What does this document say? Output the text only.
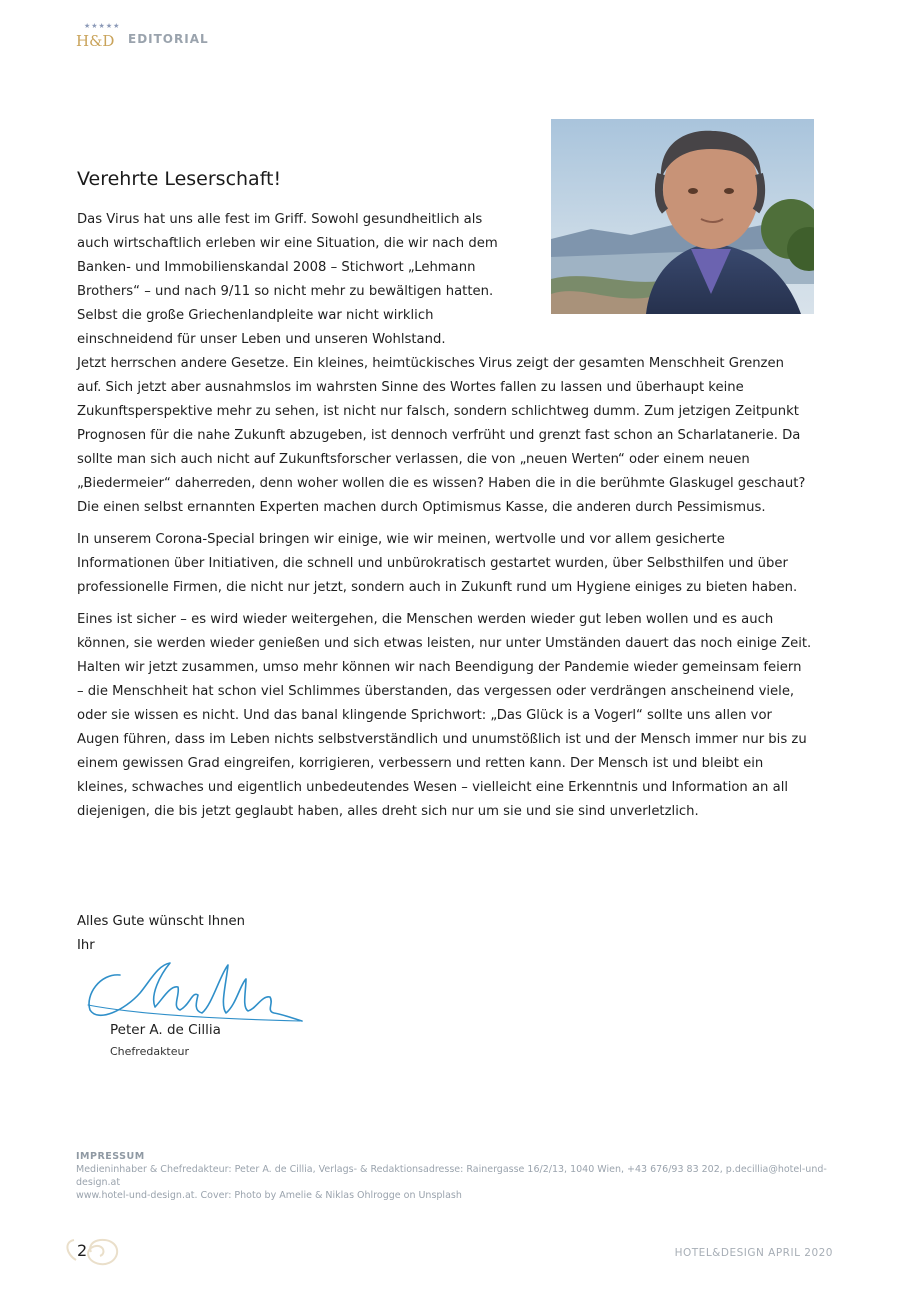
★★★★★
H&D EDITORIAL
Verehrte Leserschaft!

Das Virus hat uns alle fest im Griff. Sowohl gesundheitlich als auch wirtschaftlich erleben wir eine Situation, die wir nach dem Banken- und Immobilienskandal 2008 – Stichwort „Lehmann Brothers“ – und nach 9/11 so nicht mehr zu bewältigen hatten. Selbst die große Griechenlandpleite war nicht wirklich einschneidend für unser Leben und unseren Wohlstand.

Jetzt herrschen andere Gesetze. Ein kleines, heimtückisches Virus zeigt der gesamten Menschheit Grenzen auf. Sich jetzt aber ausnahmslos im wahrsten Sinne des Wortes fallen zu lassen und überhaupt keine Zukunftsperspektive mehr zu sehen, ist nicht nur falsch, sondern schlichtweg dumm. Zum jetzigen Zeitpunkt Prognosen für die nahe Zukunft abzugeben, ist dennoch verfrüht und grenzt fast schon an Scharlatanerie. Da sollte man sich auch nicht auf Zukunftsforscher verlassen, die von „neuen Werten“ oder einem neuen „Biedermeier“ daherreden, denn woher wollen die es wissen? Haben die in die berühmte Glaskugel geschaut? Die einen selbst ernannten Experten machen durch Optimismus Kasse, die anderen durch Pessimismus.

In unserem Corona-Special bringen wir einige, wie wir meinen, wertvolle und vor allem gesicherte Informationen über Initiativen, die schnell und unbürokratisch gestartet wurden, über Selbsthilfen und über professionelle Firmen, die nicht nur jetzt, sondern auch in Zukunft rund um Hygiene einiges zu bieten haben.

Eines ist sicher – es wird wieder weitergehen, die Menschen werden wieder gut leben wollen und es auch können, sie werden wieder genießen und sich etwas leisten, nur unter Umständen dauert das noch einige Zeit. Halten wir jetzt zusammen, umso mehr können wir nach Beendigung der Pandemie wieder gemeinsam feiern – die Menschheit hat schon viel Schlimmes überstanden, das vergessen oder verdrängen anscheinend viele, oder sie wissen es nicht. Und das banal klingende Sprichwort: „Das Glück is a Vogerl“ sollte uns allen vor Augen führen, dass im Leben nichts selbstverständlich und unumstößlich ist und der Mensch immer nur bis zu einem gewissen Grad eingreifen, korrigieren, verbessern und retten kann. Der Mensch ist und bleibt ein kleines, schwaches und eigentlich unbedeutendes Wesen – vielleicht eine Erkenntnis und Information an all diejenigen, die bis jetzt geglaubt haben, alles dreht sich nur um sie und sie sind unverletzlich.

Alles Gute wünscht Ihnen
Ihr
Peter A. de Cillia
Chefredakteur
IMPRESSUM
Medieninhaber & Chefredakteur: Peter A. de Cillia, Verlags- & Redaktionsadresse: Rainergasse 16/2/13, 1040 Wien, +43 676/93 83 202, p.decillia@hotel-und-design.at
www.hotel-und-design.at. Cover: Photo by Amelie & Niklas Ohlrogge on Unsplash
2	HOTEL&DESIGN APRIL 2020
